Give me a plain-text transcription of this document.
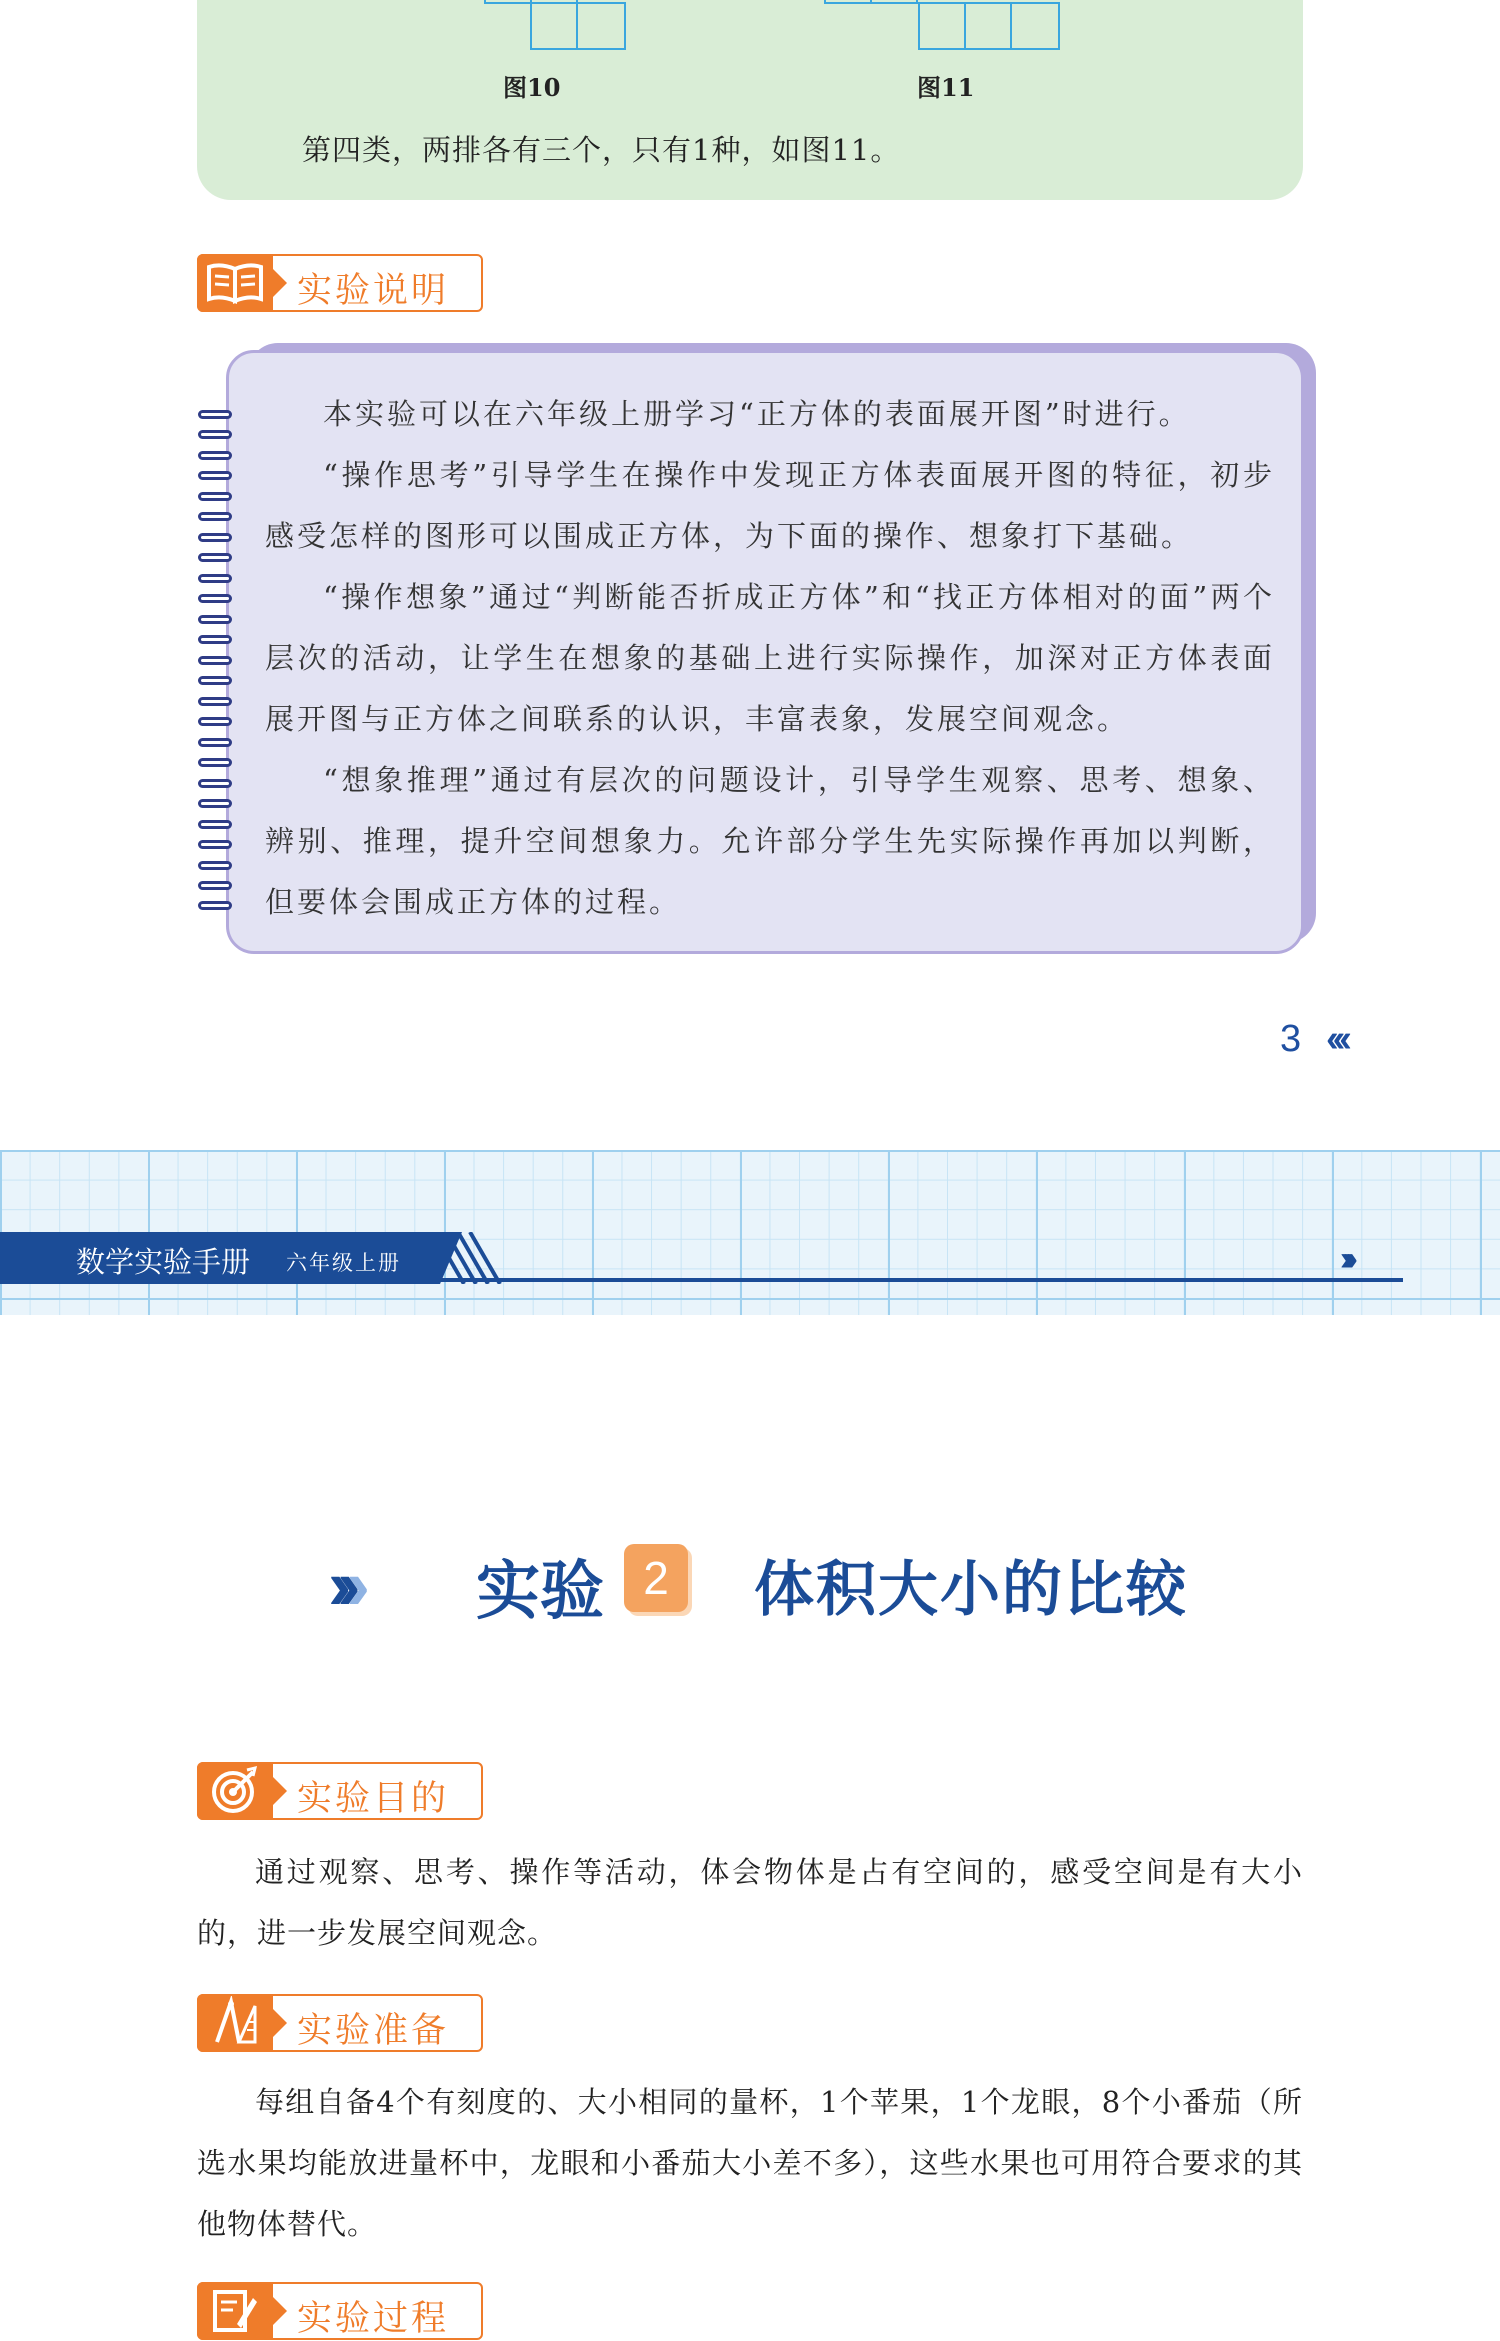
图10	图11
第四类，两排各有三个，只有1种，如图11。
实验说明

本实验可以在六年级上册学习“正方体的表面展开图”时进行。

“操作思考”引导学生在操作中发现正方体表面展开图的特征，初步感受怎样的图形可以围成正方体，为下面的操作、想象打下基础。

“操作想象”通过“判断能否折成正方体”和“找正方体相对的面”两个层次的活动，让学生在想象的基础上进行实际操作，加深对正方体表面展开图与正方体之间联系的认识，丰富表象，发展空间观念。

“想象推理”通过有层次的问题设计，引导学生观察、思考、想象、辨别、推理，提升空间想象力。允许部分学生先实际操作再加以判断，但要体会围成正方体的过程。

3 ‹‹‹
数学实验手册 六年级上册	›››
››› 实验 2	体积大小的比较
实验目的

通过观察、思考、操作等活动，体会物体是占有空间的，感受空间是有大小的，进一步发展空间观念。

实验准备

每组自备4个有刻度的、大小相同的量杯，1个苹果，1个龙眼，8个小番茄（所选水果均能放进量杯中，龙眼和小番茄大小差不多），这些水果也可用符合要求的其他物体替代。

实验过程
